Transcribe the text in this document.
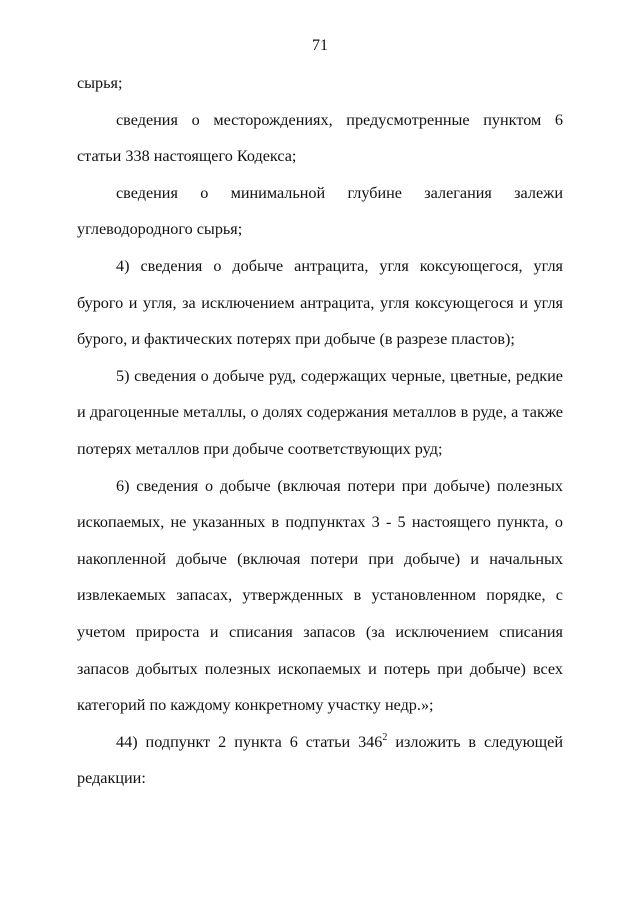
71

сырья;

сведения о месторождениях, предусмотренные пунктом 6 статьи 338 настоящего Кодекса;

сведения о минимальной глубине залегания залежи углеводородного сырья;

4) сведения о добыче антрацита, угля коксующегося, угля бурого и угля, за исключением антрацита, угля коксующегося и угля бурого, и фактических потерях при добыче (в разрезе пластов);

5) сведения о добыче руд, содержащих черные, цветные, редкие и драгоценные металлы, о долях содержания металлов в руде, а также потерях металлов при добыче соответствующих руд;

6) сведения о добыче (включая потери при добыче) полезных ископаемых, не указанных в подпунктах 3 - 5 настоящего пункта, о накопленной добыче (включая потери при добыче) и начальных извлекаемых запасах, утвержденных в установленном порядке, с учетом прироста и списания запасов (за исключением списания запасов добытых полезных ископаемых и потерь при добыче) всех категорий по каждому конкретному участку недр.»;

44) подпункт 2 пункта 6 статьи $346^2$ изложить в следующей редакции:
